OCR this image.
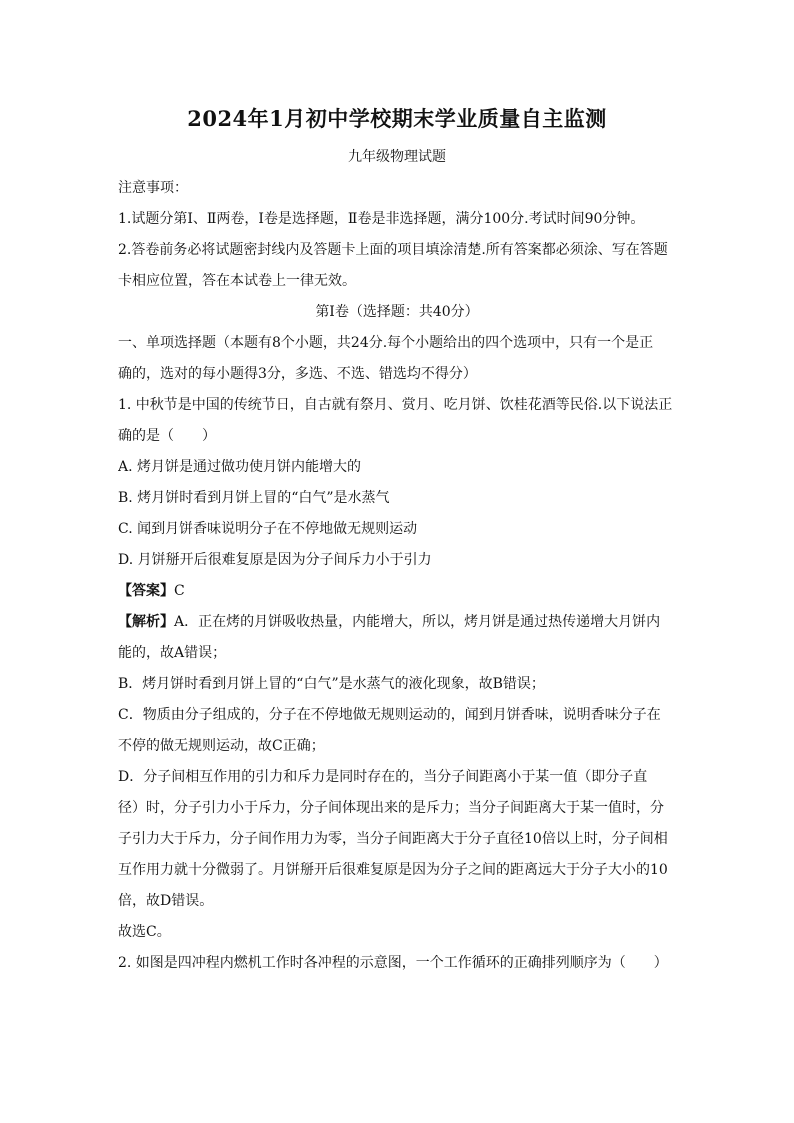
2024年1月初中学校期末学业质量自主监测
九年级物理试题
注意事项：
1.试题分第Ⅰ、Ⅱ两卷，Ⅰ卷是选择题，Ⅱ卷是非选择题，满分100分.考试时间90分钟。
2.答卷前务必将试题密封线内及答题卡上面的项目填涂清楚.所有答案都必须涂、写在答题
卡相应位置，答在本试卷上一律无效。
第Ⅰ卷（选择题：共40分）
一、单项选择题（本题有8个小题，共24分.每个小题给出的四个选项中，只有一个是正
确的，选对的每小题得3分，多选、不选、错选均不得分）
1. 中秋节是中国的传统节日，自古就有祭月、赏月、吃月饼、饮桂花酒等民俗.以下说法正
确的是（　　）
A. 烤月饼是通过做功使月饼内能增大的
B. 烤月饼时看到月饼上冒的“白气”是水蒸气
C. 闻到月饼香味说明分子在不停地做无规则运动
D. 月饼掰开后很难复原是因为分子间斥力小于引力
【答案】C
【解析】A．正在烤的月饼吸收热量，内能增大，所以，烤月饼是通过热传递增大月饼内
能的，故A错误；
B．烤月饼时看到月饼上冒的“白气”是水蒸气的液化现象，故B错误；
C．物质由分子组成的，分子在不停地做无规则运动的，闻到月饼香味，说明香味分子在
不停的做无规则运动，故C正确；
D．分子间相互作用的引力和斥力是同时存在的，当分子间距离小于某一值（即分子直
径）时，分子引力小于斥力，分子间体现出来的是斥力；当分子间距离大于某一值时，分
子引力大于斥力，分子间作用力为零，当分子间距离大于分子直径10倍以上时，分子间相
互作用力就十分微弱了。月饼掰开后很难复原是因为分子之间的距离远大于分子大小的10
倍，故D错误。
故选C。
2. 如图是四冲程内燃机工作时各冲程的示意图，一个工作循环的正确排列顺序为（　　）
